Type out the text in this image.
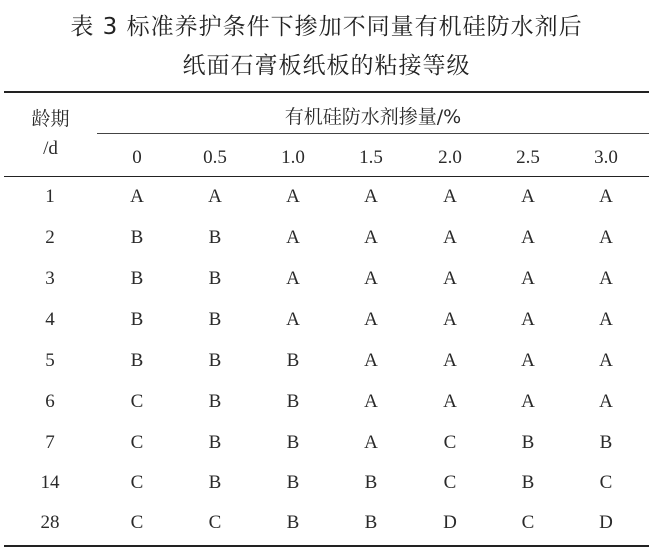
表 3 标准养护条件下掺加不同量有机硅防水剂后
纸面石膏板纸板的粘接等级
龄期
/d
有机硅防水剂掺量/%
0	0.5	1.0	1.5	2.0	2.5	3.0
1	A	A	A	A	A	A	A
2	B	B	A	A	A	A	A
3	B	B	A	A	A	A	A
4	B	B	A	A	A	A	A
5	B	B	B	A	A	A	A
6	C	B	B	A	A	A	A
7	C	B	B	A	C	B	B
14	C	B	B	B	C	B	C
28	C	C	B	B	D	C	D
